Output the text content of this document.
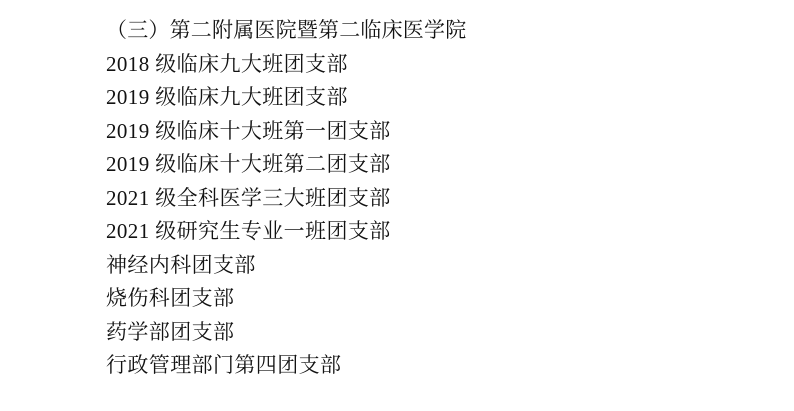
（三）第二附属医院暨第二临床医学院
2018 级临床九大班团支部
2019 级临床九大班团支部
2019 级临床十大班第一团支部
2019 级临床十大班第二团支部
2021 级全科医学三大班团支部
2021 级研究生专业一班团支部
神经内科团支部
烧伤科团支部
药学部团支部
行政管理部门第四团支部
